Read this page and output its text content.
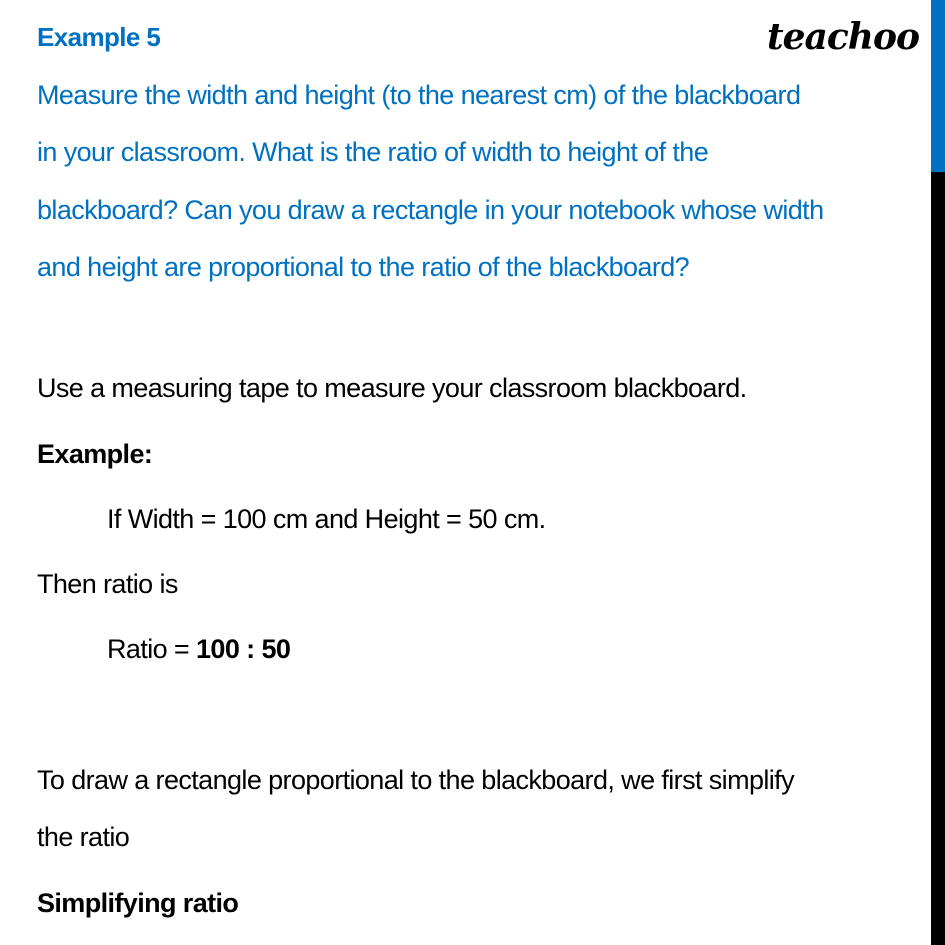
Example 5	teachoo
Measure the width and height (to the nearest cm) of the blackboard
in your classroom. What is the ratio of width to height of the
blackboard? Can you draw a rectangle in your notebook whose width
and height are proportional to the ratio of the blackboard?
Use a measuring tape to measure your classroom blackboard.
Example:
If Width = 100 cm and Height = 50 cm.
Then ratio is
Ratio = 100 : 50
To draw a rectangle proportional to the blackboard, we first simplify
the ratio
Simplifying ratio
